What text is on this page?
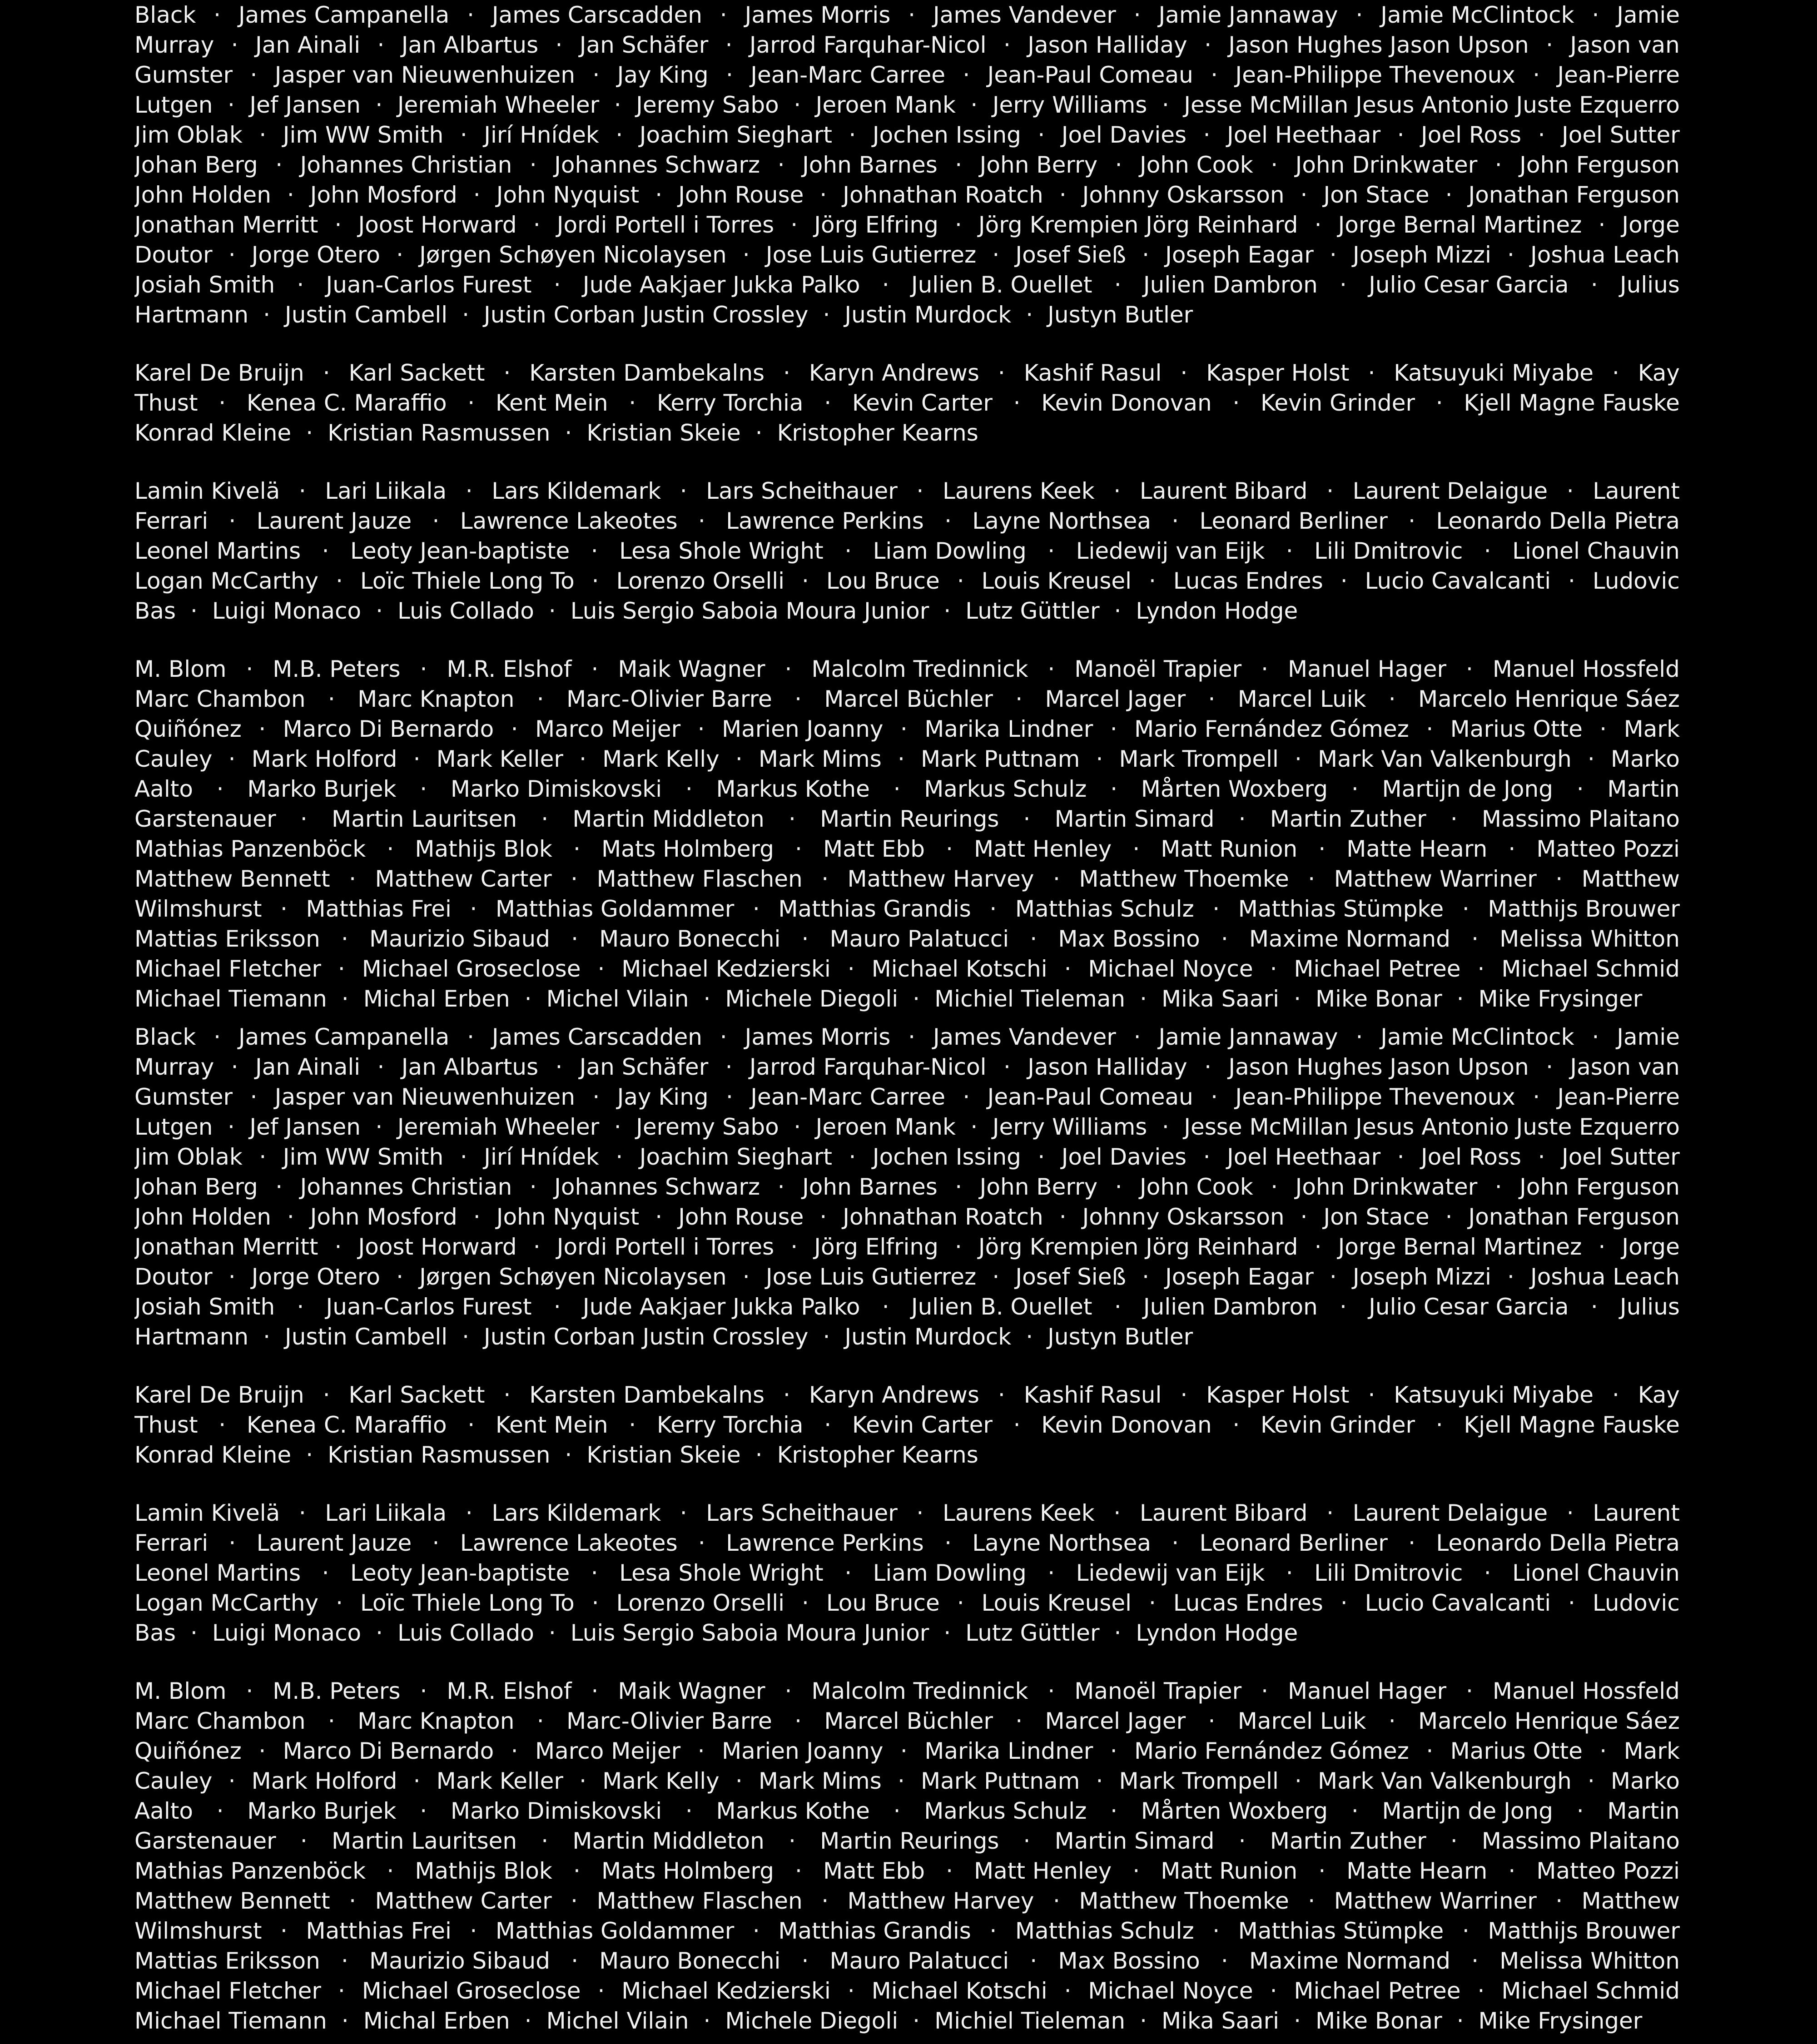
Black · James Campanella · James Carscadden · James Morris · James Vandever · Jamie Jannaway · Jamie McClintock · Jamie
Murray · Jan Ainali · Jan Albartus · Jan Schäfer · Jarrod Farquhar-Nicol · Jason Halliday · Jason Hughes Jason Upson · Jason van
Gumster · Jasper van Nieuwenhuizen · Jay King · Jean-Marc Carree · Jean-Paul Comeau · Jean-Philippe Thevenoux · Jean-Pierre
Lutgen · Jef Jansen · Jeremiah Wheeler · Jeremy Sabo · Jeroen Mank · Jerry Williams · Jesse McMillan Jesus Antonio Juste Ezquerro
Jim Oblak · Jim WW Smith · Jirí Hnídek · Joachim Sieghart · Jochen Issing · Joel Davies · Joel Heethaar · Joel Ross · Joel Sutter
Johan Berg · Johannes Christian · Johannes Schwarz · John Barnes · John Berry · John Cook · John Drinkwater · John Ferguson
John Holden · John Mosford · John Nyquist · John Rouse · Johnathan Roatch · Johnny Oskarsson · Jon Stace · Jonathan Ferguson
Jonathan Merritt · Joost Horward · Jordi Portell i Torres · Jörg Elfring · Jörg Krempien Jörg Reinhard · Jorge Bernal Martinez · Jorge
Doutor · Jorge Otero · Jørgen Schøyen Nicolaysen · Jose Luis Gutierrez · Josef Sieß · Joseph Eagar · Joseph Mizzi · Joshua Leach
Josiah Smith · Juan-Carlos Furest · Jude Aakjaer Jukka Palko · Julien B. Ouellet · Julien Dambron · Julio Cesar Garcia · Julius
Hartmann · Justin Cambell · Justin Corban Justin Crossley · Justin Murdock · Justyn Butler
Karel De Bruijn · Karl Sackett · Karsten Dambekalns · Karyn Andrews · Kashif Rasul · Kasper Holst · Katsuyuki Miyabe · Kay
Thust · Kenea C. Maraffio · Kent Mein · Kerry Torchia · Kevin Carter · Kevin Donovan · Kevin Grinder · Kjell Magne Fauske
Konrad Kleine · Kristian Rasmussen · Kristian Skeie · Kristopher Kearns
Lamin Kivelä · Lari Liikala · Lars Kildemark · Lars Scheithauer · Laurens Keek · Laurent Bibard · Laurent Delaigue · Laurent
Ferrari · Laurent Jauze · Lawrence Lakeotes · Lawrence Perkins · Layne Northsea · Leonard Berliner · Leonardo Della Pietra
Leonel Martins · Leoty Jean-baptiste · Lesa Shole Wright · Liam Dowling · Liedewij van Eijk · Lili Dmitrovic · Lionel Chauvin
Logan McCarthy · Loïc Thiele Long To · Lorenzo Orselli · Lou Bruce · Louis Kreusel · Lucas Endres · Lucio Cavalcanti · Ludovic
Bas · Luigi Monaco · Luis Collado · Luis Sergio Saboia Moura Junior · Lutz Güttler · Lyndon Hodge
M. Blom · M.B. Peters · M.R. Elshof · Maik Wagner · Malcolm Tredinnick · Manoël Trapier · Manuel Hager · Manuel Hossfeld
Marc Chambon · Marc Knapton · Marc-Olivier Barre · Marcel Büchler · Marcel Jager · Marcel Luik · Marcelo Henrique Sáez
Quiñónez · Marco Di Bernardo · Marco Meijer · Marien Joanny · Marika Lindner · Mario Fernández Gómez · Marius Otte · Mark
Cauley · Mark Holford · Mark Keller · Mark Kelly · Mark Mims · Mark Puttnam · Mark Trompell · Mark Van Valkenburgh · Marko
Aalto · Marko Burjek · Marko Dimiskovski · Markus Kothe · Markus Schulz · Mårten Woxberg · Martijn de Jong · Martin
Garstenauer · Martin Lauritsen · Martin Middleton · Martin Reurings · Martin Simard · Martin Zuther · Massimo Plaitano
Mathias Panzenböck · Mathijs Blok · Mats Holmberg · Matt Ebb · Matt Henley · Matt Runion · Matte Hearn · Matteo Pozzi
Matthew Bennett · Matthew Carter · Matthew Flaschen · Matthew Harvey · Matthew Thoemke · Matthew Warriner · Matthew
Wilmshurst · Matthias Frei · Matthias Goldammer · Matthias Grandis · Matthias Schulz · Matthias Stümpke · Matthijs Brouwer
Mattias Eriksson · Maurizio Sibaud · Mauro Bonecchi · Mauro Palatucci · Max Bossino · Maxime Normand · Melissa Whitton
Michael Fletcher · Michael Groseclose · Michael Kedzierski · Michael Kotschi · Michael Noyce · Michael Petree · Michael Schmid
Michael Tiemann · Michal Erben · Michel Vilain · Michele Diegoli · Michiel Tieleman · Mika Saari · Mike Bonar · Mike Frysinger
Black · James Campanella · James Carscadden · James Morris · James Vandever · Jamie Jannaway · Jamie McClintock · Jamie
Murray · Jan Ainali · Jan Albartus · Jan Schäfer · Jarrod Farquhar-Nicol · Jason Halliday · Jason Hughes Jason Upson · Jason van
Gumster · Jasper van Nieuwenhuizen · Jay King · Jean-Marc Carree · Jean-Paul Comeau · Jean-Philippe Thevenoux · Jean-Pierre
Lutgen · Jef Jansen · Jeremiah Wheeler · Jeremy Sabo · Jeroen Mank · Jerry Williams · Jesse McMillan Jesus Antonio Juste Ezquerro
Jim Oblak · Jim WW Smith · Jirí Hnídek · Joachim Sieghart · Jochen Issing · Joel Davies · Joel Heethaar · Joel Ross · Joel Sutter
Johan Berg · Johannes Christian · Johannes Schwarz · John Barnes · John Berry · John Cook · John Drinkwater · John Ferguson
John Holden · John Mosford · John Nyquist · John Rouse · Johnathan Roatch · Johnny Oskarsson · Jon Stace · Jonathan Ferguson
Jonathan Merritt · Joost Horward · Jordi Portell i Torres · Jörg Elfring · Jörg Krempien Jörg Reinhard · Jorge Bernal Martinez · Jorge
Doutor · Jorge Otero · Jørgen Schøyen Nicolaysen · Jose Luis Gutierrez · Josef Sieß · Joseph Eagar · Joseph Mizzi · Joshua Leach
Josiah Smith · Juan-Carlos Furest · Jude Aakjaer Jukka Palko · Julien B. Ouellet · Julien Dambron · Julio Cesar Garcia · Julius
Hartmann · Justin Cambell · Justin Corban Justin Crossley · Justin Murdock · Justyn Butler
Karel De Bruijn · Karl Sackett · Karsten Dambekalns · Karyn Andrews · Kashif Rasul · Kasper Holst · Katsuyuki Miyabe · Kay
Thust · Kenea C. Maraffio · Kent Mein · Kerry Torchia · Kevin Carter · Kevin Donovan · Kevin Grinder · Kjell Magne Fauske
Konrad Kleine · Kristian Rasmussen · Kristian Skeie · Kristopher Kearns
Lamin Kivelä · Lari Liikala · Lars Kildemark · Lars Scheithauer · Laurens Keek · Laurent Bibard · Laurent Delaigue · Laurent
Ferrari · Laurent Jauze · Lawrence Lakeotes · Lawrence Perkins · Layne Northsea · Leonard Berliner · Leonardo Della Pietra
Leonel Martins · Leoty Jean-baptiste · Lesa Shole Wright · Liam Dowling · Liedewij van Eijk · Lili Dmitrovic · Lionel Chauvin
Logan McCarthy · Loïc Thiele Long To · Lorenzo Orselli · Lou Bruce · Louis Kreusel · Lucas Endres · Lucio Cavalcanti · Ludovic
Bas · Luigi Monaco · Luis Collado · Luis Sergio Saboia Moura Junior · Lutz Güttler · Lyndon Hodge
M. Blom · M.B. Peters · M.R. Elshof · Maik Wagner · Malcolm Tredinnick · Manoël Trapier · Manuel Hager · Manuel Hossfeld
Marc Chambon · Marc Knapton · Marc-Olivier Barre · Marcel Büchler · Marcel Jager · Marcel Luik · Marcelo Henrique Sáez
Quiñónez · Marco Di Bernardo · Marco Meijer · Marien Joanny · Marika Lindner · Mario Fernández Gómez · Marius Otte · Mark
Cauley · Mark Holford · Mark Keller · Mark Kelly · Mark Mims · Mark Puttnam · Mark Trompell · Mark Van Valkenburgh · Marko
Aalto · Marko Burjek · Marko Dimiskovski · Markus Kothe · Markus Schulz · Mårten Woxberg · Martijn de Jong · Martin
Garstenauer · Martin Lauritsen · Martin Middleton · Martin Reurings · Martin Simard · Martin Zuther · Massimo Plaitano
Mathias Panzenböck · Mathijs Blok · Mats Holmberg · Matt Ebb · Matt Henley · Matt Runion · Matte Hearn · Matteo Pozzi
Matthew Bennett · Matthew Carter · Matthew Flaschen · Matthew Harvey · Matthew Thoemke · Matthew Warriner · Matthew
Wilmshurst · Matthias Frei · Matthias Goldammer · Matthias Grandis · Matthias Schulz · Matthias Stümpke · Matthijs Brouwer
Mattias Eriksson · Maurizio Sibaud · Mauro Bonecchi · Mauro Palatucci · Max Bossino · Maxime Normand · Melissa Whitton
Michael Fletcher · Michael Groseclose · Michael Kedzierski · Michael Kotschi · Michael Noyce · Michael Petree · Michael Schmid
Michael Tiemann · Michal Erben · Michel Vilain · Michele Diegoli · Michiel Tieleman · Mika Saari · Mike Bonar · Mike Frysinger
